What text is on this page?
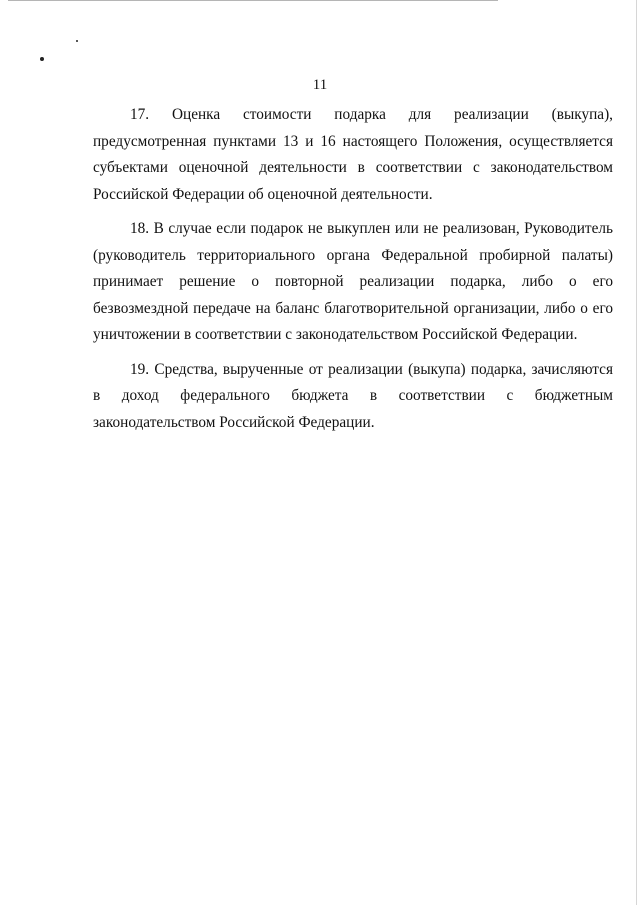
11

17. Оценка стоимости подарка для реализации (выкупа), предусмотренная пунктами 13 и 16 настоящего Положения, осуществляется субъектами оценочной деятельности в соответствии с законодательством Российской Федерации об оценочной деятельности.

18. В случае если подарок не выкуплен или не реализован, Руководитель (руководитель территориального органа Федеральной пробирной палаты) принимает решение о повторной реализации подарка, либо о его безвозмездной передаче на баланс благотворительной организации, либо о его уничтожении в соответствии с законодательством Российской Федерации.

19. Средства, вырученные от реализации (выкупа) подарка, зачисляются в доход федерального бюджета в соответствии с бюджетным законодательством Российской Федерации.
